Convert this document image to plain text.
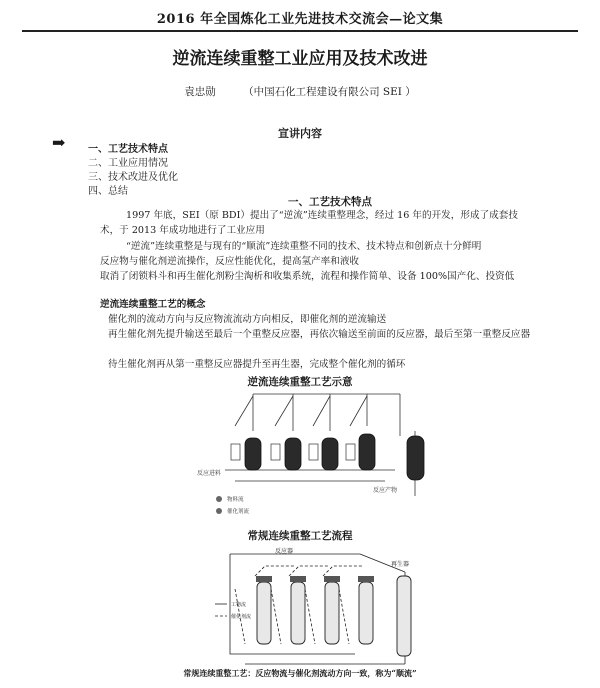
2016 年全国炼化工业先进技术交流会—论文集
逆流连续重整工业应用及技术改进
袁忠勋	（中国石化工程建设有限公司 SEI ）
宣讲内容
➡ 一、工艺技术特点
二、工业应用情况
三、技术改进及优化
四、总结
一、工艺技术特点
1997 年底，SEI（原 BDI）提出了“逆流”连续重整理念，经过 16 年的开发，形成了成套技术，于 2013 年成功地进行了工业应用
“逆流”连续重整是与现有的“顺流”连续重整不同的技术、技术特点和创新点十分鲜明
反应物与催化剂逆流操作，反应性能优化，提高氢产率和液收
取消了闭锁料斗和再生催化剂粉尘淘析和收集系统，流程和操作简单、设备 100%国产化、投资低
逆流连续重整工艺的概念
催化剂的流动方向与反应物流流动方向相反，即催化剂的逆流输送
再生催化剂先提升输送至最后一个重整反应器，再依次输送至前面的反应器，最后至第一重整反应器
待生催化剂再从第一重整反应器提升至再生器，完成整个催化剂的循环
逆流连续重整工艺示意
反应进料
反应产物
物料流
催化剂流
常规连续重整工艺流程
反应器
再生器
工物流
催化剂流
常规连续重整工艺：反应物流与催化剂流动方向一致，称为“顺流”
